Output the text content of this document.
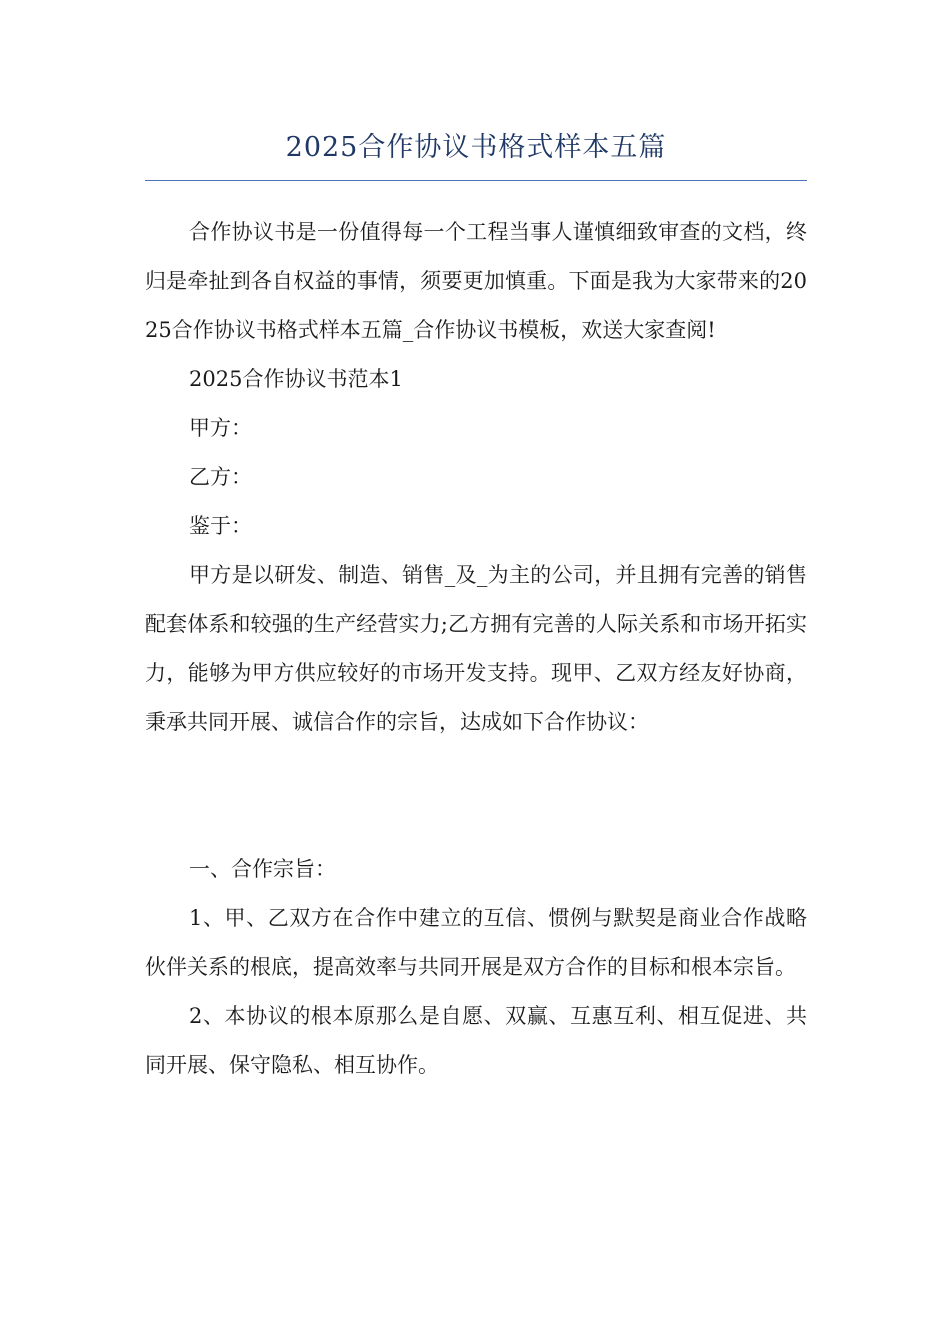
2025合作协议书格式样本五篇

合作协议书是一份值得每一个工程当事人谨慎细致审查的文档，终归是牵扯到各自权益的事情，须要更加慎重。下面是我为大家带来的2025合作协议书格式样本五篇_合作协议书模板，欢送大家查阅!

2025合作协议书范本1

甲方：

乙方：

鉴于：

甲方是以研发、制造、销售_及_为主的公司，并且拥有完善的销售配套体系和较强的生产经营实力;乙方拥有完善的人际关系和市场开拓实力，能够为甲方供应较好的市场开发支持。现甲、乙双方经友好协商，秉承共同开展、诚信合作的宗旨，达成如下合作协议：

一、合作宗旨：

1、甲、乙双方在合作中建立的互信、惯例与默契是商业合作战略伙伴关系的根底，提高效率与共同开展是双方合作的目标和根本宗旨。

2、本协议的根本原那么是自愿、双赢、互惠互利、相互促进、共同开展、保守隐私、相互协作。
